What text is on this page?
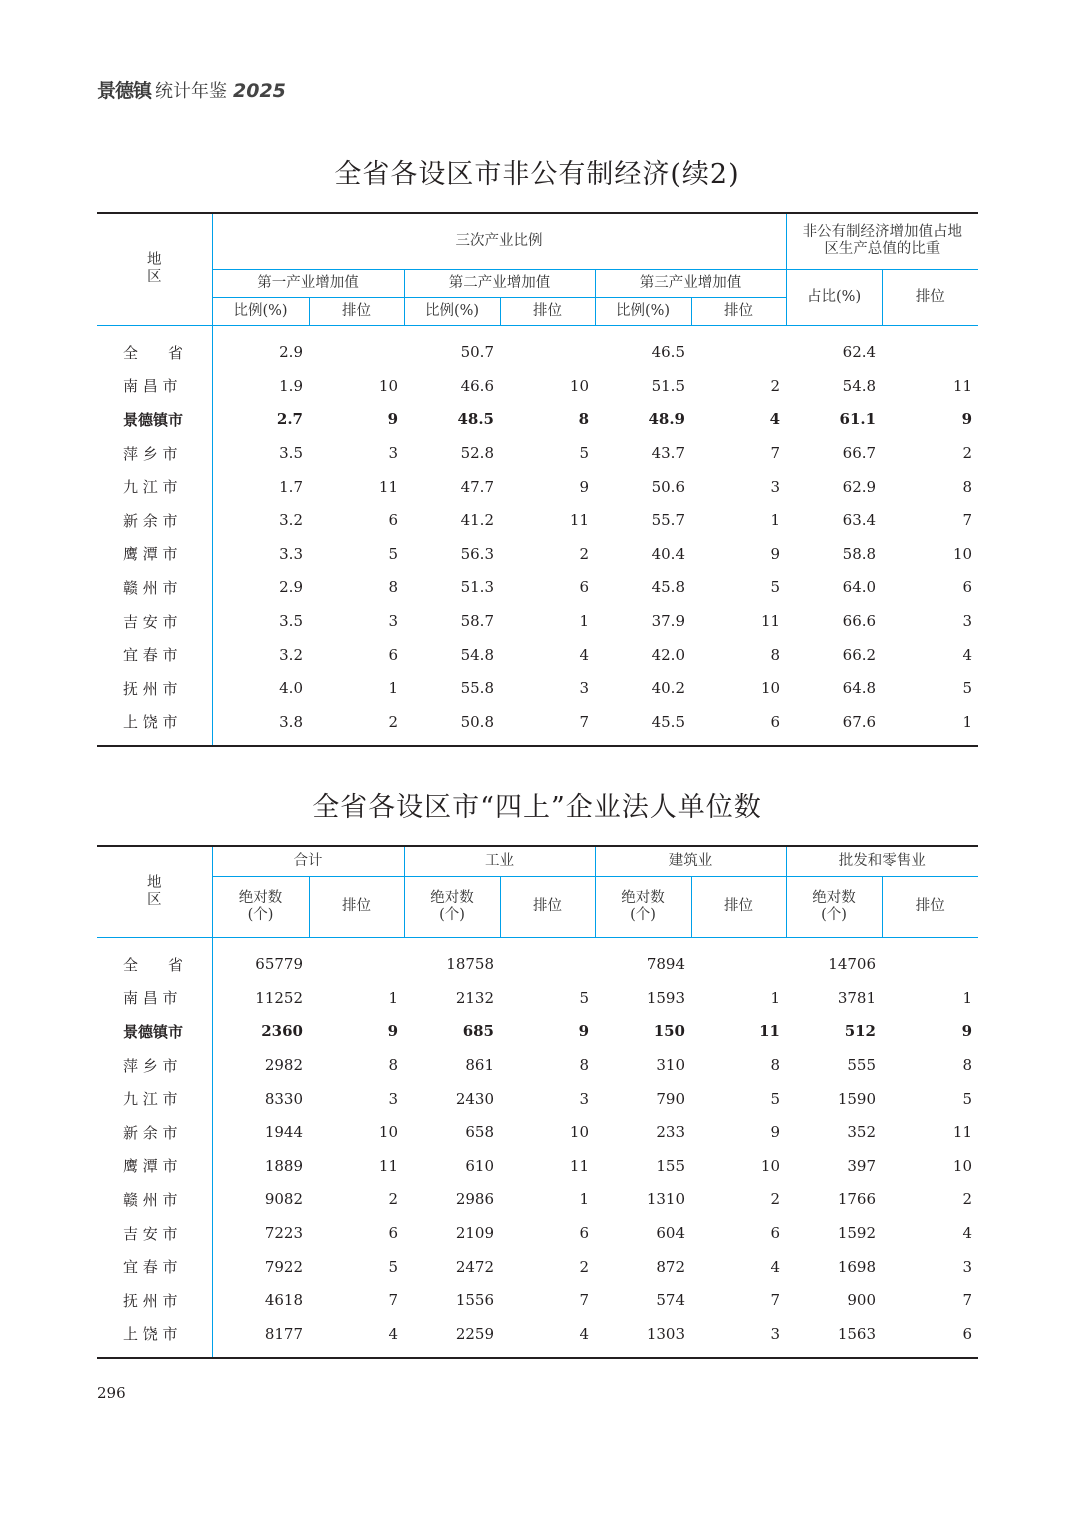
景德镇 统计年鉴 2025
全省各设区市非公有制经济(续2)
地　区	三次产业比例						非公有制经济增加值占地区生产总值的比重	
	第一产业增加值		第二产业增加值		第三产业增加值		占比(%)	排位
	比例(%)	排位	比例(%)	排位	比例(%)	排位		
全　　省	2.9		50.7		46.5		62.4	
南 昌 市	1.9	10	46.6	10	51.5	2	54.8	11
景德镇市	2.7	9	48.5	8	48.9	4	61.1	9
萍 乡 市	3.5	3	52.8	5	43.7	7	66.7	2
九 江 市	1.7	11	47.7	9	50.6	3	62.9	8
新 余 市	3.2	6	41.2	11	55.7	1	63.4	7
鹰 潭 市	3.3	5	56.3	2	40.4	9	58.8	10
赣 州 市	2.9	8	51.3	6	45.8	5	64.0	6
吉 安 市	3.5	3	58.7	1	37.9	11	66.6	3
宜 春 市	3.2	6	54.8	4	42.0	8	66.2	4
抚 州 市	4.0	1	55.8	3	40.2	10	64.8	5
上 饶 市	3.8	2	50.8	7	45.5	6	67.6	1
全省各设区市“四上”企业法人单位数
地　区	合计		工业		建筑业		批发和零售业	
	绝对数(个)	排位	绝对数(个)	排位	绝对数(个)	排位	绝对数(个)	排位
全　　省	65779		18758		7894		14706	
南 昌 市	11252	1	2132	5	1593	1	3781	1
景德镇市	2360	9	685	9	150	11	512	9
萍 乡 市	2982	8	861	8	310	8	555	8
九 江 市	8330	3	2430	3	790	5	1590	5
新 余 市	1944	10	658	10	233	9	352	11
鹰 潭 市	1889	11	610	11	155	10	397	10
赣 州 市	9082	2	2986	1	1310	2	1766	2
吉 安 市	7223	6	2109	6	604	6	1592	4
宜 春 市	7922	5	2472	2	872	4	1698	3
抚 州 市	4618	7	1556	7	574	7	900	7
上 饶 市	8177	4	2259	4	1303	3	1563	6
296
